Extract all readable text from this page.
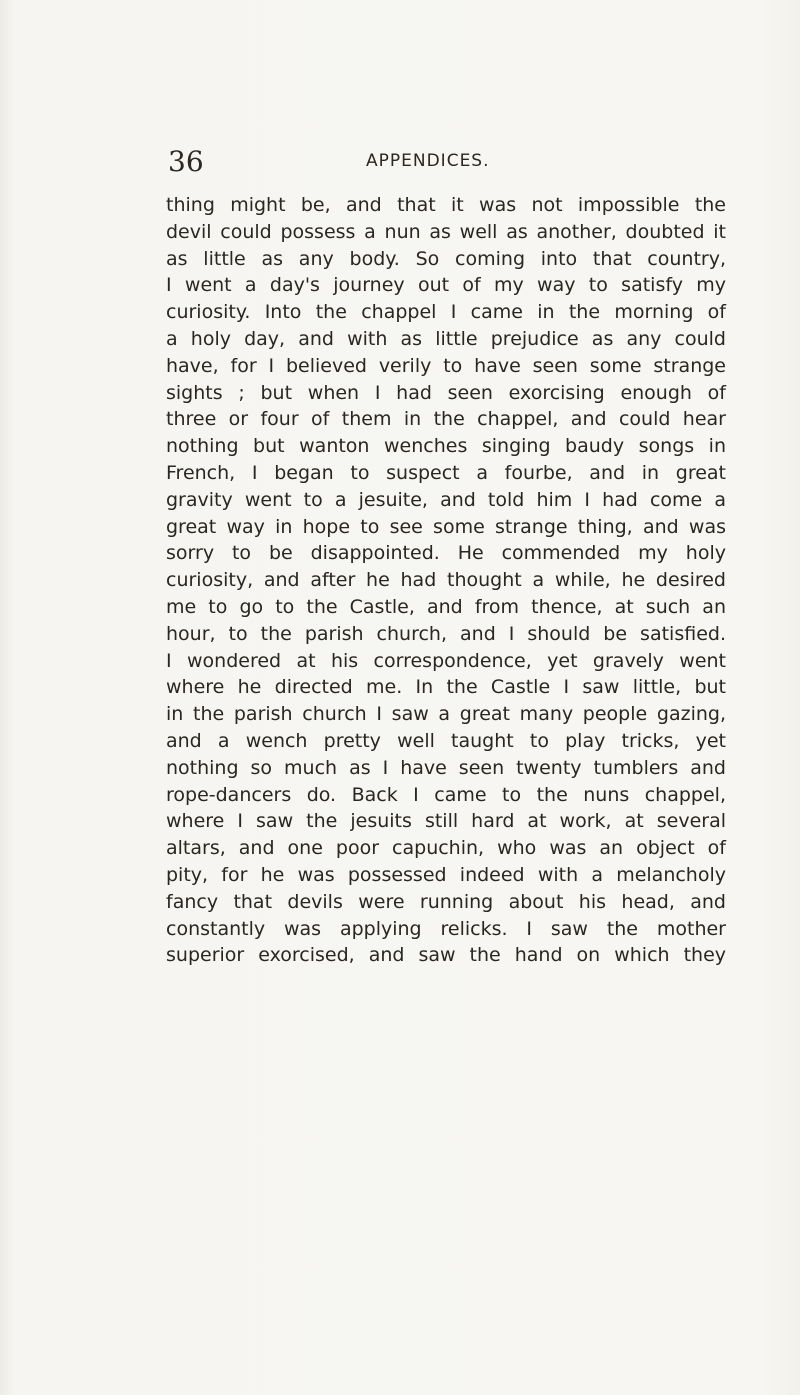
36	APPENDICES.
thing might be, and that it was not impossible the
devil could possess a nun as well as another, doubted it
as little as any body. So coming into that country,
I went a day's journey out of my way to satisfy my
curiosity. Into the chappel I came in the morning of
a holy day, and with as little prejudice as any could
have, for I believed verily to have seen some strange
sights ; but when I had seen exorcising enough of
three or four of them in the chappel, and could hear
nothing but wanton wenches singing baudy songs in
French, I began to suspect a fourbe, and in great
gravity went to a jesuite, and told him I had come a
great way in hope to see some strange thing, and was
sorry to be disappointed. He commended my holy
curiosity, and after he had thought a while, he desired
me to go to the Castle, and from thence, at such an
hour, to the parish church, and I should be satisfied.
I wondered at his correspondence, yet gravely went
where he directed me. In the Castle I saw little, but
in the parish church I saw a great many people gazing,
and a wench pretty well taught to play tricks, yet
nothing so much as I have seen twenty tumblers and
rope-dancers do. Back I came to the nuns chappel,
where I saw the jesuits still hard at work, at several
altars, and one poor capuchin, who was an object of
pity, for he was possessed indeed with a melancholy
fancy that devils were running about his head, and
constantly was applying relicks. I saw the mother
superior exorcised, and saw the hand on which they
